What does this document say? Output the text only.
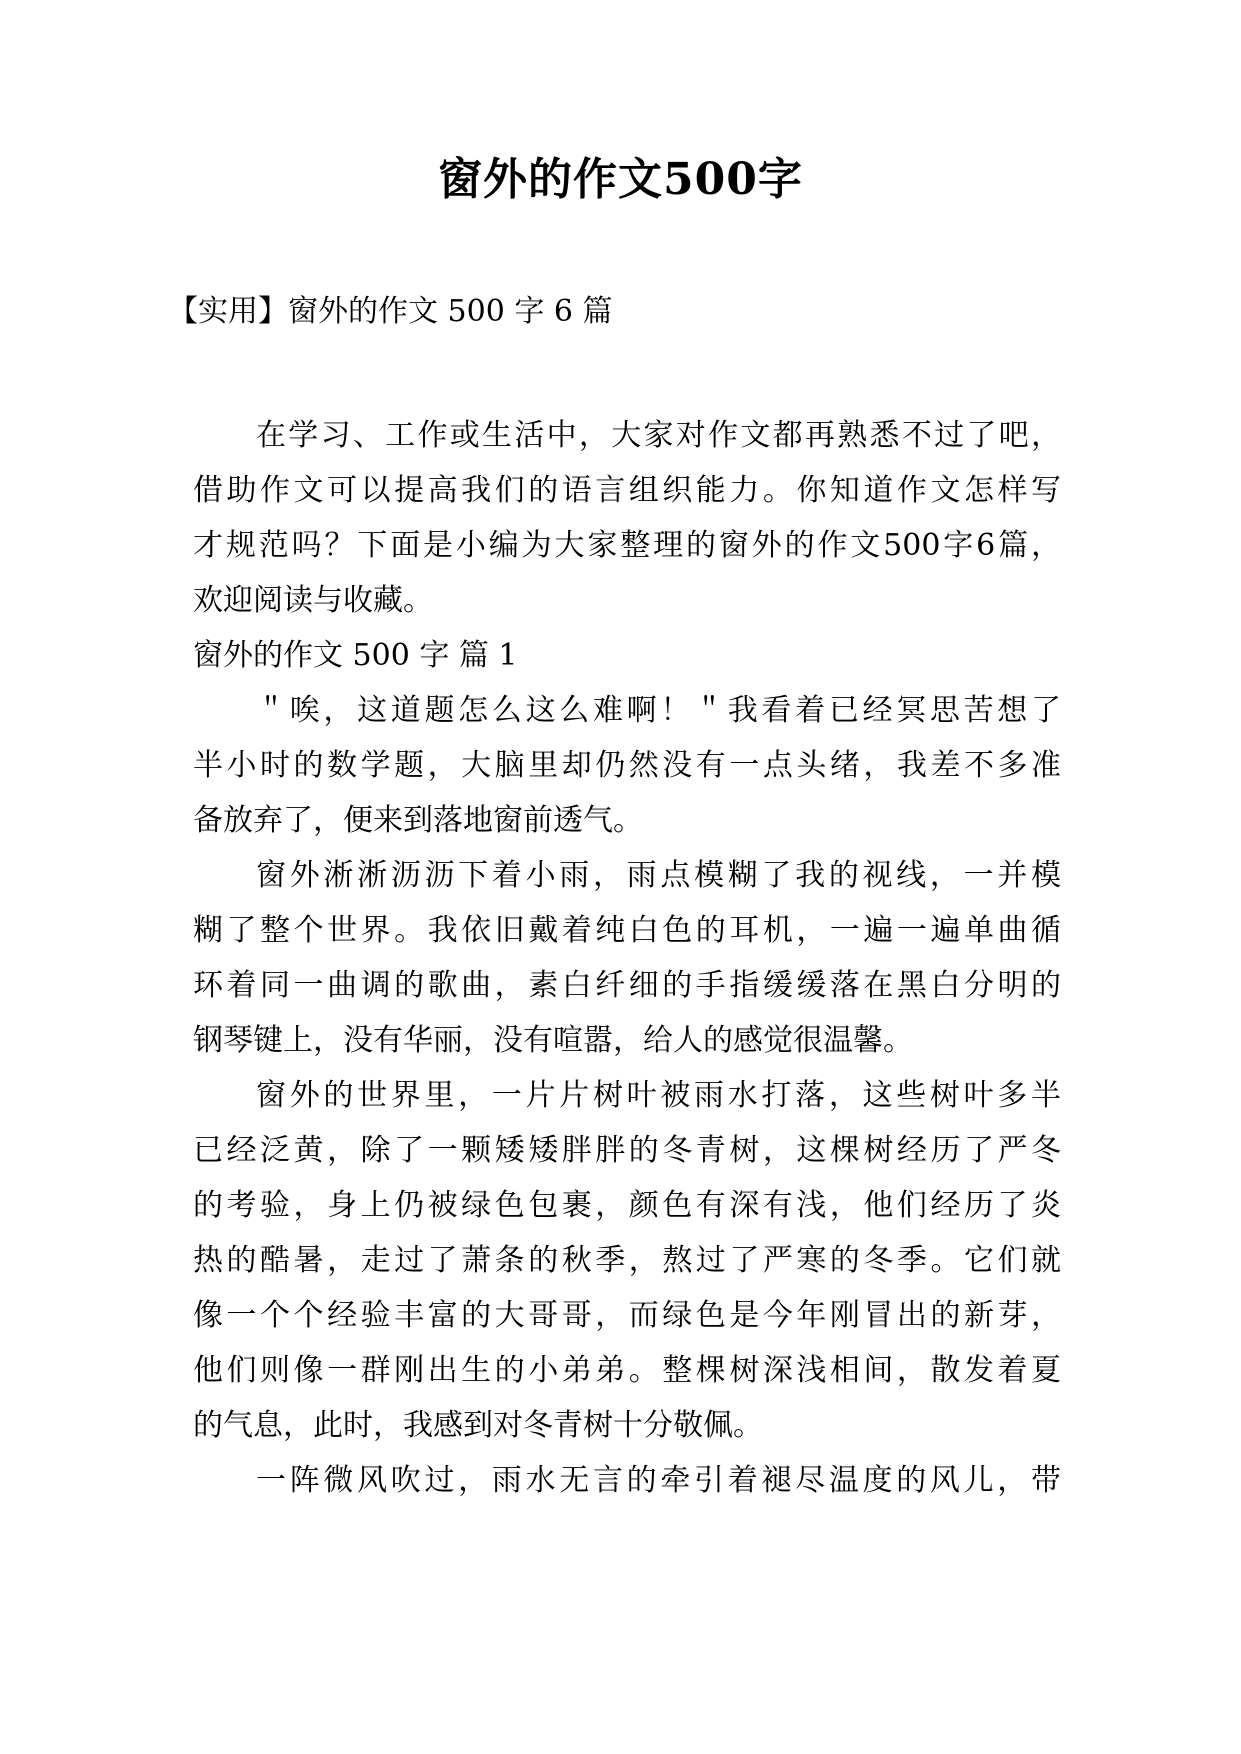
窗外的作文500字

【实用】窗外的作文 500 字 6 篇

在学习、工作或生活中，大家对作文都再熟悉不过了吧，
借助作文可以提高我们的语言组织能力。你知道作文怎样写
才规范吗？下面是小编为大家整理的窗外的作文500字6篇，
欢迎阅读与收藏。
窗外的作文 500 字 篇 1
＂唉，这道题怎么这么难啊！＂我看着已经冥思苦想了
半小时的数学题，大脑里却仍然没有一点头绪，我差不多准
备放弃了，便来到落地窗前透气。
窗外淅淅沥沥下着小雨，雨点模糊了我的视线，一并模
糊了整个世界。我依旧戴着纯白色的耳机，一遍一遍单曲循
环着同一曲调的歌曲，素白纤细的手指缓缓落在黑白分明的
钢琴键上，没有华丽，没有喧嚣，给人的感觉很温馨。
窗外的世界里，一片片树叶被雨水打落，这些树叶多半
已经泛黄，除了一颗矮矮胖胖的冬青树，这棵树经历了严冬
的考验，身上仍被绿色包裹，颜色有深有浅，他们经历了炎
热的酷暑，走过了萧条的秋季，熬过了严寒的冬季。它们就
像一个个经验丰富的大哥哥，而绿色是今年刚冒出的新芽，
他们则像一群刚出生的小弟弟。整棵树深浅相间，散发着夏
的气息，此时，我感到对冬青树十分敬佩。
一阵微风吹过，雨水无言的牵引着褪尽温度的风儿，带
